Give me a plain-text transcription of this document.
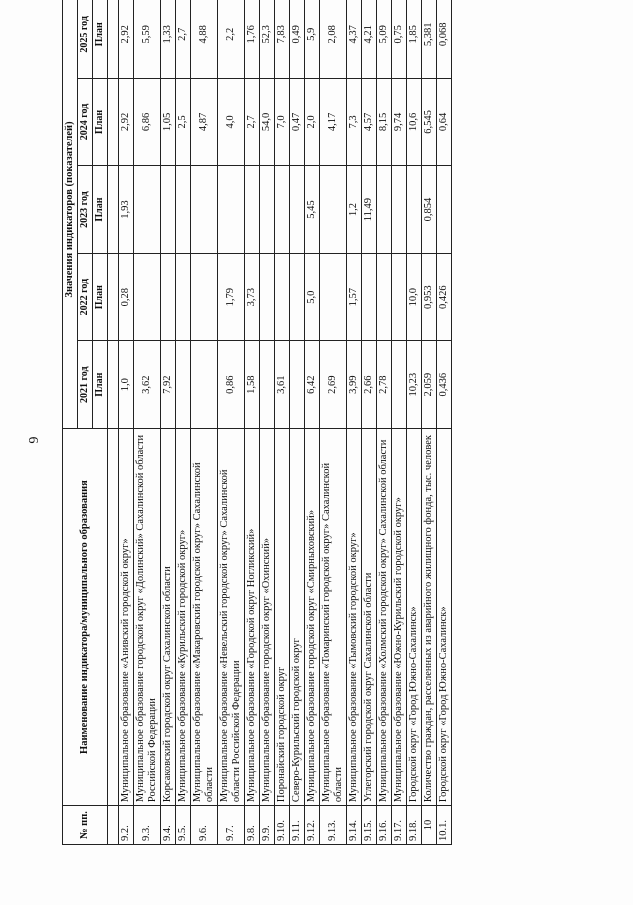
6
№ пп.	Наименование индикатора/муниципального образования	Значения индикаторов (показателей)				
		2021 год	2022 год	2023 год	2024 год	2025 год
		План	План	План	План	План

9.2.	Муниципальное образование «Анивский городской округ»	1,0	0,28	1,93	2,92	2,92
9.3.	Муниципальное образование городской округ «Долинский» Сахалинской области Российской Федерации	3,62			6,86	5,59
9.4.	Корсаковский городской округ Сахалинской области	7,92			1,05	1,33
9.5.	Муниципальное образование «Курильский городской округ»				2,5	2,7
9.6.	Муниципальное образование «Макаровский городской округ» Сахалинской области				4,87	4,88
9.7.	Муниципальное образование «Невельский городской округ» Сахалинской области Российской Федерации	0,86	1,79		4,0	2,2
9.8.	Муниципальное образование «Городской округ Ногликский»	1,58	3,73		2,7	1,76
9.9.	Муниципальное образование городской округ «Охинский»				54,0	52,3
9.10.	Поронайский городской округ	3,61			7,0	7,83
9.11.	Северо-Курильский городской округ				0,47	0,49
9.12.	Муниципальное образование городской округ «Смирныховский»	6,42	5,0	5,45	2,0	5,9
9.13.	Муниципальное образование «Томаринский городской округ» Сахалинской области	2,69			4,17	2,08
9.14.	Муниципальное образование «Тымовский городской округ»	3,99	1,57	1,2	7,3	4,37
9.15.	Углегорский городской округ Сахалинской области	2,66		11,49	4,57	4,21
9.16.	Муниципальное образование «Холмский городской округ» Сахалинской области	2,78			8,15	5,09
9.17.	Муниципальное образование «Южно-Курильский городской округ»				9,74	0,75
9.18.	Городской округ «Город Южно-Сахалинск»	10,23	10,0		10,6	1,85
10	Количество граждан, расселенных из аварийного жилищного фонда, тыс. человек	2,059	0,953	0,854	6,545	5,381
10.1.	Городской округ «Город Южно-Сахалинск»	0,436	0,426		0,64	0,068
